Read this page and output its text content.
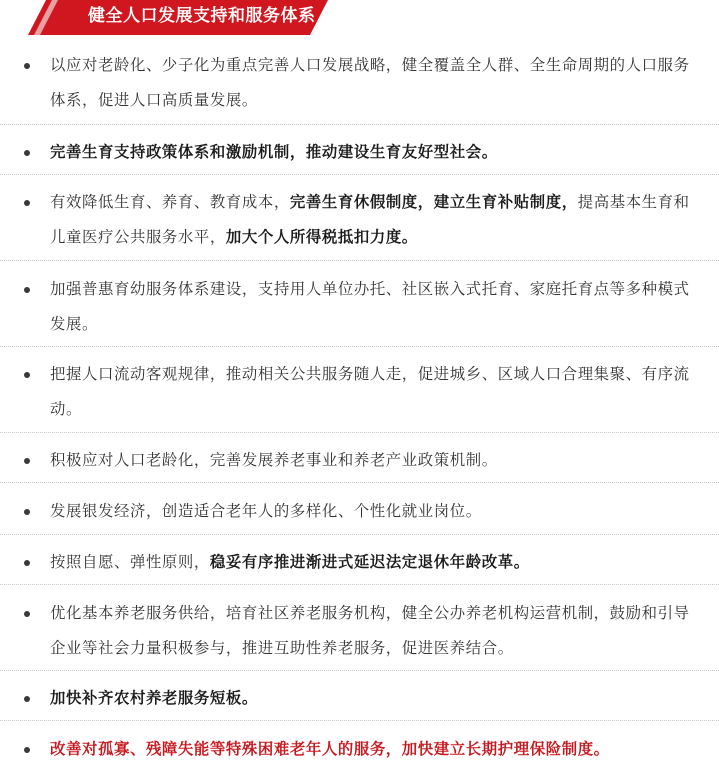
健全人口发展支持和服务体系
以应对老龄化、少子化为重点完善人口发展战略，健全覆盖全人群、全生命周期的人口服务体系，促进人口高质量发展。
完善生育支持政策体系和激励机制，推动建设生育友好型社会。
有效降低生育、养育、教育成本，完善生育休假制度，建立生育补贴制度，提高基本生育和儿童医疗公共服务水平，加大个人所得税抵扣力度。
加强普惠育幼服务体系建设，支持用人单位办托、社区嵌入式托育、家庭托育点等多种模式发展。
把握人口流动客观规律，推动相关公共服务随人走，促进城乡、区域人口合理集聚、有序流动。
积极应对人口老龄化，完善发展养老事业和养老产业政策机制。
发展银发经济，创造适合老年人的多样化、个性化就业岗位。
按照自愿、弹性原则，稳妥有序推进渐进式延迟法定退休年龄改革。
优化基本养老服务供给，培育社区养老服务机构，健全公办养老机构运营机制，鼓励和引导企业等社会力量积极参与，推进互助性养老服务，促进医养结合。
加快补齐农村养老服务短板。
改善对孤寡、残障失能等特殊困难老年人的服务，加快建立长期护理保险制度。
